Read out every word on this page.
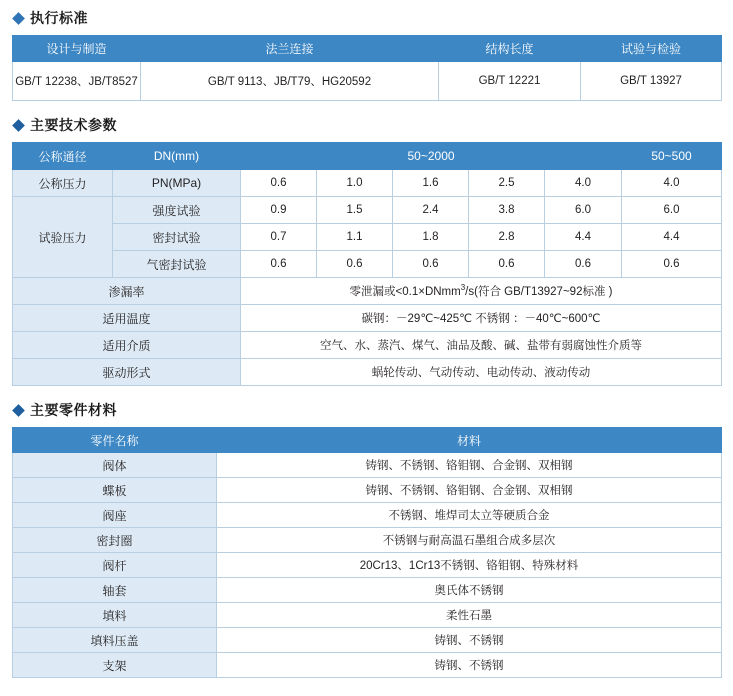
执行标准
设计与制造	法兰连接	结构长度	试验与检验
GB/T 12238、JB/T8527	GB/T 9113、JB/T79、HG20592	GB/T 12221	GB/T 13927
主要技术参数
公称通径	DN(mm)	50~2000					50~500
公称压力	PN(MPa)	0.6	1.0	1.6	2.5	4.0	4.0
试验压力	强度试验	0.9	1.5	2.4	3.8	6.0	6.0
	密封试验	0.7	1.1	1.8	2.8	4.4	4.4
	气密封试验	0.6	0.6	0.6	0.6	0.6	0.6
渗漏率		零泄漏或<0.1×DNmm$^3$/s(符合 GB/T13927~92标准 )					
适用温度		碳钢：－29℃~425℃ 不锈钢 ：－40℃~600℃					
适用介质		空气、水、蒸汽、煤气、油品及酸、碱、盐带有弱腐蚀性介质等					
驱动形式		蜗轮传动、气动传动、电动传动、液动传动					
主要零件材料
零件名称	材料
阀体	铸钢、不锈钢、铬钼钢、合金钢、双相钢
蝶板	铸钢、不锈钢、铬钼钢、合金钢、双相钢
阀座	不锈钢、堆焊司太立等硬质合金
密封圈	不锈钢与耐高温石墨组合成多层次
阀杆	20Cr13、1Cr13不锈钢、铬钼钢、特殊材料
轴套	奥氏体不锈钢
填料	柔性石墨
填料压盖	铸钢、不锈钢
支架	铸钢、不锈钢
